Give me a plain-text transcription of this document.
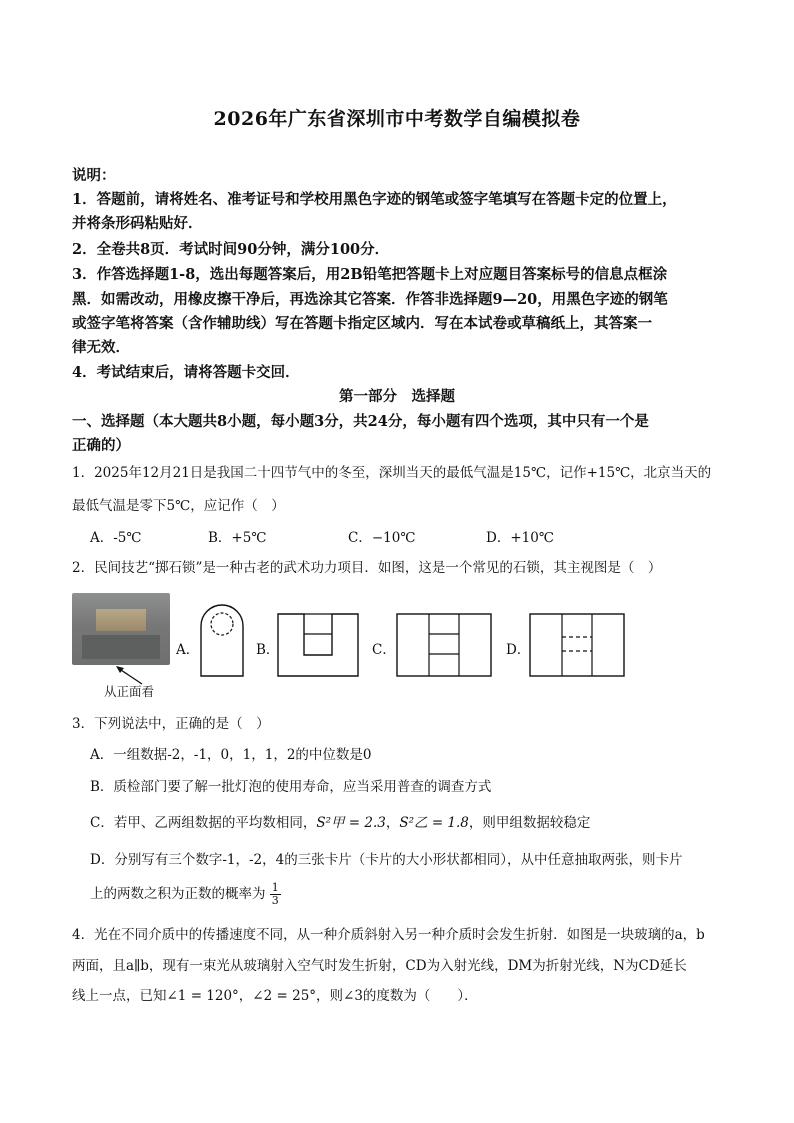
2026年广东省深圳市中考数学自编模拟卷
说明：
1．答题前，请将姓名、准考证号和学校用黑色字迹的钢笔或签字笔填写在答题卡定的位置上，
并将条形码粘贴好．
2．全卷共8页．考试时间90分钟，满分100分．
3．作答选择题1-8，选出每题答案后，用2B铅笔把答题卡上对应题目答案标号的信息点框涂
黑．如需改动，用橡皮擦干净后，再选涂其它答案．作答非选择题9—20，用黑色字迹的钢笔
或签字笔将答案（含作辅助线）写在答题卡指定区域内．写在本试卷或草稿纸上，其答案一
律无效．
4．考试结束后，请将答题卡交回．
第一部分　选择题
一、选择题（本大题共8小题，每小题3分，共24分，每小题有四个选项，其中只有一个是
正确的）
1．2025年12月21日是我国二十四节气中的冬至，深圳当天的最低气温是15℃，记作+15℃，北京当天的
最低气温是零下5℃，应记作（　）
A．-5℃	B．+5℃	C．−10℃	D．+10℃
2．民间技艺“掷石锁”是一种古老的武术功力项目．如图，这是一个常见的石锁，其主视图是（　）
从正面看
A．	B．	C．	D．
3．下列说法中，正确的是（　）
A．一组数据-2，-1，0，1，1，2的中位数是0
B．质检部门要了解一批灯泡的使用寿命，应当采用普查的调查方式
C．若甲、乙两组数据的平均数相同，S²甲 = 2.3，S²乙 = 1.8，则甲组数据较稳定
D．分别写有三个数字-1，-2，4的三张卡片（卡片的大小形状都相同），从中任意抽取两张，则卡片
上的两数之积为正数的概率为 $\frac{1}{3}$
4．光在不同介质中的传播速度不同，从一种介质斜射入另一种介质时会发生折射．如图是一块玻璃的a，b
两面，且a∥b，现有一束光从玻璃射入空气时发生折射，CD为入射光线，DM为折射光线，N为CD延长
线上一点，已知∠1 = 120°，∠2 = 25°，则∠3的度数为（　　）．
